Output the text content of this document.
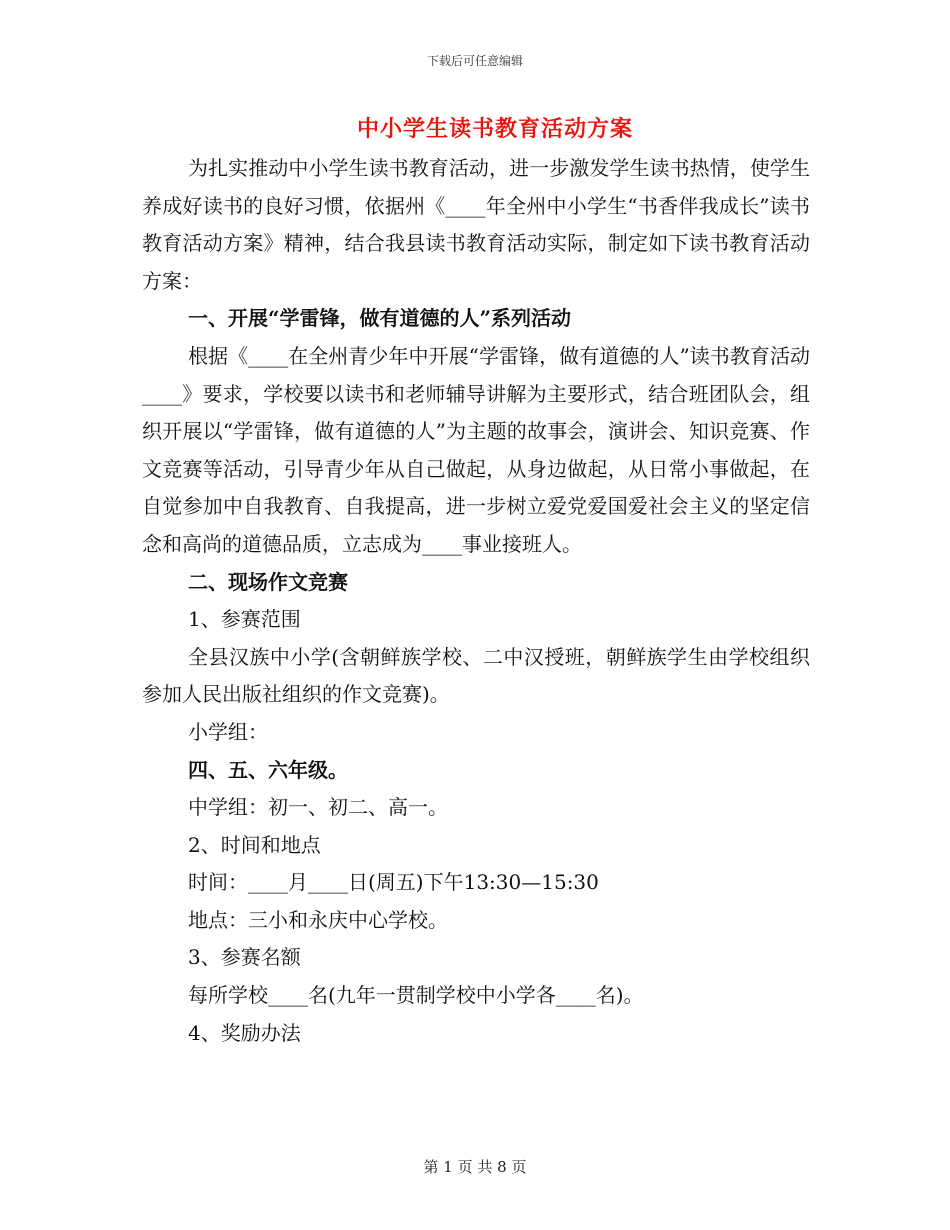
下载后可任意编辑
中小学生读书教育活动方案

为扎实推动中小学生读书教育活动，进一步激发学生读书热情，使学生养成好读书的良好习惯，依据州《____年全州中小学生“书香伴我成长”读书教育活动方案》精神，结合我县读书教育活动实际，制定如下读书教育活动方案：

一、开展“学雷锋，做有道德的人”系列活动

根据《____在全州青少年中开展“学雷锋，做有道德的人”读书教育活动____》要求，学校要以读书和老师辅导讲解为主要形式，结合班团队会，组织开展以“学雷锋，做有道德的人”为主题的故事会，演讲会、知识竞赛、作文竞赛等活动，引导青少年从自己做起，从身边做起，从日常小事做起，在自觉参加中自我教育、自我提高，进一步树立爱党爱国爱社会主义的坚定信念和高尚的道德品质，立志成为____事业接班人。

二、现场作文竞赛

1、参赛范围

全县汉族中小学(含朝鲜族学校、二中汉授班，朝鲜族学生由学校组织参加人民出版社组织的作文竞赛)。

小学组：

四、五、六年级。

中学组：初一、初二、高一。

2、时间和地点

时间：____月____日(周五)下午13:30—15:30

地点：三小和永庆中心学校。

3、参赛名额

每所学校____名(九年一贯制学校中小学各____名)。

4、奖励办法

第 1 页 共 8 页
